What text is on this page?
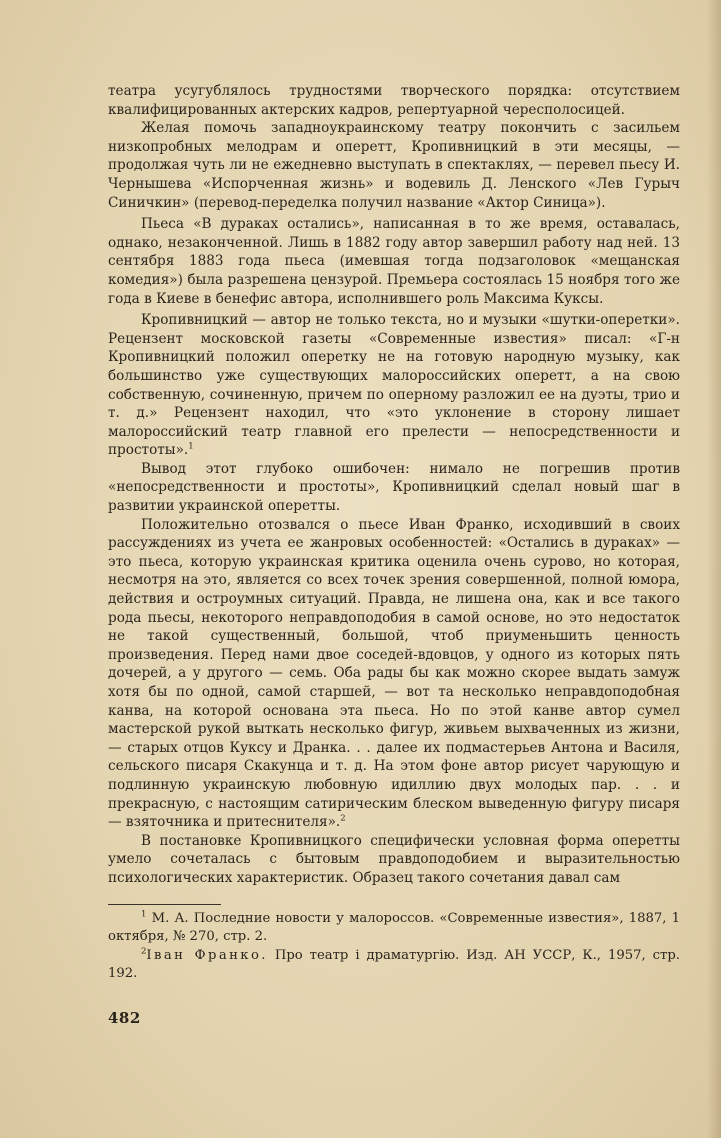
театра усугублялось трудностями творческого порядка: отсутствием квалифицированных актерских кадров, репертуарной чересполосицей.

Желая помочь западноукраинскому театру покончить с засильем низкопробных мелодрам и оперетт, Кропивницкий в эти месяцы, — продолжая чуть ли не ежедневно выступать в спектаклях, — перевел пьесу И. Чернышева «Испорченная жизнь» и водевиль Д. Ленского «Лев Гурыч Синичкин» (перевод-переделка получил название «Актор Синица»).

Пьеса «В дураках остались», написанная в то же время, оставалась, однако, незаконченной. Лишь в 1882 году автор завершил работу над ней. 13 сентября 1883 года пьеса (имевшая тогда подзаголовок «мещанская комедия») была разрешена цензурой. Премьера состоялась 15 ноября того же года в Киеве в бенефис автора, исполнившего роль Максима Куксы.

Кропивницкий — автор не только текста, но и музыки «шутки-оперетки». Рецензент московской газеты «Современные известия» писал: «Г-н Кропивницкий положил оперетку не на готовую народную музыку, как большинство уже существующих малороссийских оперетт, а на свою собственную, сочиненную, причем по оперному разложил ее на дуэты, трио и т. д.» Рецензент находил, что «это уклонение в сторону лишает малороссийский театр главной его прелести — непосредственности и простоты».$^1$

Вывод этот глубоко ошибочен: нимало не погрешив против «непосредственности и простоты», Кропивницкий сделал новый шаг в развитии украинской оперетты.

Положительно отозвался о пьесе Иван Франко, исходивший в своих рассуждениях из учета ее жанровых особенностей: «Остались в дураках» — это пьеса, которую украинская критика оценила очень сурово, но которая, несмотря на это, является со всех точек зрения совершенной, полной юмора, действия и остроумных ситуаций. Правда, не лишена она, как и все такого рода пьесы, некоторого неправдоподобия в самой основе, но это недостаток не такой существенный, большой, чтоб приуменьшить ценность произведения. Перед нами двое соседей-вдовцов, у одного из которых пять дочерей, а у другого — семь. Оба рады бы как можно скорее выдать замуж хотя бы по одной, самой старшей, — вот та несколько неправдоподобная канва, на которой основана эта пьеса. Но по этой канве автор сумел мастерской рукой выткать несколько фигур, живьем выхваченных из жизни, — старых отцов Куксу и Дранка. . . далее их подмастерьев Антона и Василя, сельского писаря Скакунца и т. д. На этом фоне автор рисует чарующую и подлинную украинскую любовную идиллию двух молодых пар. . . и прекрасную, с настоящим сатирическим блеском выведенную фигуру писаря — взяточника и притеснителя».$^2$

В постановке Кропивницкого специфически условная форма оперетты умело сочеталась с бытовым правдоподобием и выразительностью психологических характеристик. Образец такого сочетания давал сам

$^1$ М. А. Последние новости у малороссов. «Современные известия», 1887, 1 октября, № 270, стр. 2.

$^2$Іван Франко. Про театр і драматургію. Изд. АН УССР, К., 1957, стр. 192.

482
